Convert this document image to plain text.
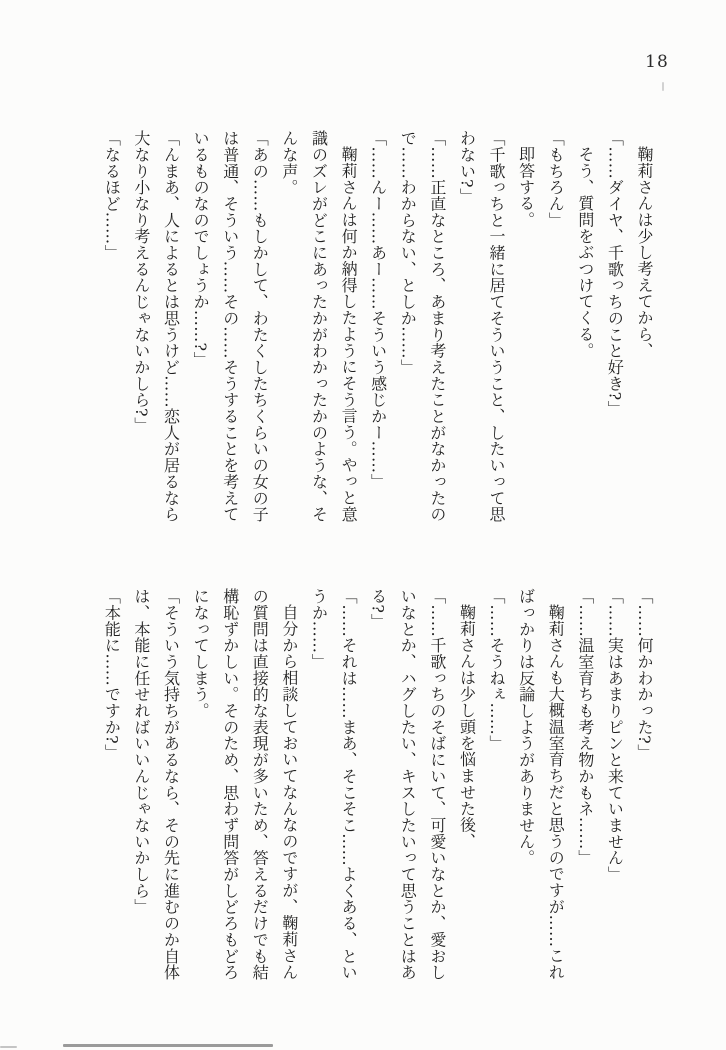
18

鞠莉さんは少し考えてから、

「……ダイヤ、千歌っちのこと好き?」

そう、質問をぶつけてくる。

「もちろん」

即答する。

「千歌っちと一緒に居てそういうこと、したいって思わない?」

「……正直なところ、あまり考えたことがなかったので……わからない、としか……」

「……んー……あー……そういう感じかー……」

鞠莉さんは何か納得したようにそう言う。やっと意識のズレがどこにあったかがわかったかのような、そんな声。

「あの……もしかして、わたくしたちくらいの女の子は普通、そういう……その……そうすることを考えているものなのでしょうか……?」

「んまあ、人によるとは思うけど……恋人が居るなら大なり小なり考えるんじゃないかしら?」

「なるほど……」

「……何かわかった?」

「……実はあまりピンと来ていません」

「……温室育ちも考え物かもネ……」

鞠莉さんも大概温室育ちだと思うのですが……こればっかりは反論しようがありません。

「……そうねぇ……」

鞠莉さんは少し頭を悩ませた後、

「……千歌っちのそばにいて、可愛いなとか、愛おしいなとか、ハグしたい、キスしたいって思うことはある?」

「……それは……まあ、そこそこ……よくある、というか……」

自分から相談しておいてなんなのですが、鞠莉さんの質問は直接的な表現が多いため、答えるだけでも結構恥ずかしい。そのため、思わず問答がしどろもどろになってしまう。

「そういう気持ちがあるなら、その先に進むのか自体は、本能に任せればいいんじゃないかしら」

「本能に……ですか?」
